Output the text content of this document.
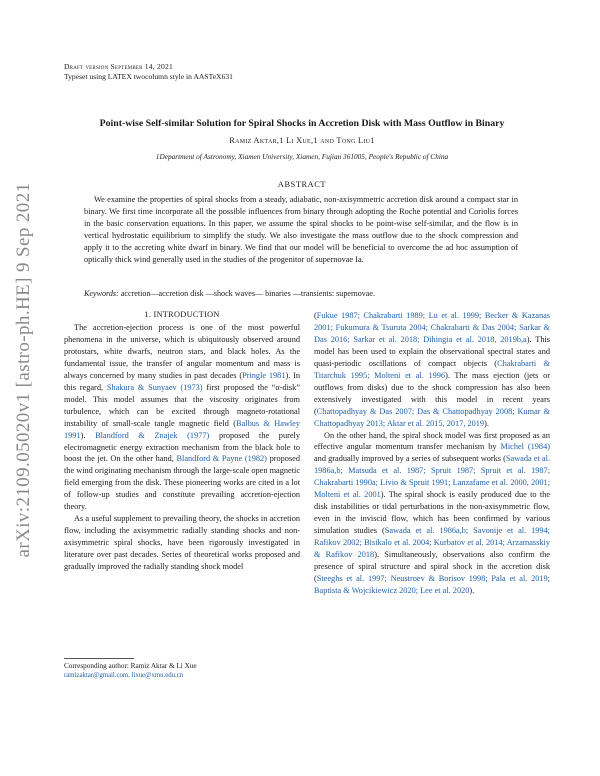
arXiv:2109.05020v1 [astro-ph.HE] 9 Sep 2021
Draft version September 14, 2021
Typeset using LATEX twocolumn style in AASTeX631
Point-wise Self-similar Solution for Spiral Shocks in Accretion Disk with Mass Outflow in Binary
Ramiz Aktar,1 Li Xue,1 and Tong Liu1
1Department of Astronomy, Xiamen University, Xiamen, Fujian 361005, People's Republic of China
ABSTRACT

We examine the properties of spiral shocks from a steady, adiabatic, non-axisymmetric accretion disk around a compact star in binary. We first time incorporate all the possible influences from binary through adopting the Roche potential and Coriolis forces in the basic conservation equations. In this paper, we assume the spiral shocks to be point-wise self-similar, and the flow is in vertical hydrostatic equilibrium to simplify the study. We also investigate the mass outflow due to the shock compression and apply it to the accreting white dwarf in binary. We find that our model will be beneficial to overcome the ad hoc assumption of optically thick wind generally used in the studies of the progenitor of supernovae Ia.

Keywords: accretion—accretion disk —shock waves— binaries —transients: supernovae.
1. INTRODUCTION

The accretion-ejection process is one of the most powerful phenomena in the universe, which is ubiquitously observed around protostars, white dwarfs, neutron stars, and black holes. As the fundamental issue, the transfer of angular momentum and mass is always concerned by many studies in past decades (Pringle 1981). In this regard, Shakura & Sunyaev (1973) first proposed the “α-disk” model. This model assumes that the viscosity originates from turbulence, which can be excited through magneto-rotational instability of small-scale tangle magnetic field (Balbus & Hawley 1991). Blandford & Znajek (1977) proposed the purely electromagnetic energy extraction mechanism from the black hole to boost the jet. On the other hand, Blandford & Payne (1982) proposed the wind originating mechanism through the large-scale open magnetic field emerging from the disk. These pioneering works are cited in a lot of follow-up studies and constitute prevailing accretion-ejection theory.

As a useful supplement to prevailing theory, the shocks in accretion flow, including the axisymmetric radially standing shocks and non-axisymmetric spiral shocks, have been rigorously investigated in literature over past decades. Series of theoretical works proposed and gradually improved the radially standing shock model

(Fukue 1987; Chakrabarti 1989; Lu et al. 1999; Becker & Kazanas 2001; Fukumura & Tsuruta 2004; Chakrabarti & Das 2004; Sarkar & Das 2016; Sarkar et al. 2018; Dihingia et al. 2018, 2019b,a). This model has been used to explain the observational spectral states and quasi-periodic oscillations of compact objects (Chakrabarti & Titarchuk 1995; Molteni et al. 1996). The mass ejection (jets or outflows from disks) due to the shock compression has also been extensively investigated with this model in recent years (Chattopadhyay & Das 2007; Das & Chattopadhyay 2008; Kumar & Chattopadhyay 2013; Aktar et al. 2015, 2017, 2019).

On the other hand, the spiral shock model was first proposed as an effective angular momentum transfer mechanism by Michel (1984) and gradually improved by a series of subsequent works (Sawada et al. 1986a,b; Matsuda et al. 1987; Spruit 1987; Spruit et al. 1987; Chakrabarti 1990a; Livio & Spruit 1991; Lanzafame et al. 2000, 2001; Molteni et al. 2001). The spiral shock is easily produced due to the disk instabilities or tidal perturbations in the non-axisymmetric flow, even in the inviscid flow, which has been confirmed by various simulation studies (Sawada et al. 1986a,b; Savonije et al. 1994; Rafikov 2002; Bisikalo et al. 2004; Kurbatov et al. 2014; Arzamasskiy & Rafikov 2018). Simultaneously, observations also confirm the presence of spiral structure and spiral shock in the accretion disk (Steeghs et al. 1997; Neustroev & Borisov 1998; Pala et al. 2019; Baptista & Wojcikiewicz 2020; Lee et al. 2020).

Corresponding author: Ramiz Aktar & Li Xue
ramizaktar@gmail.com, lixue@xmu.edu.cn
